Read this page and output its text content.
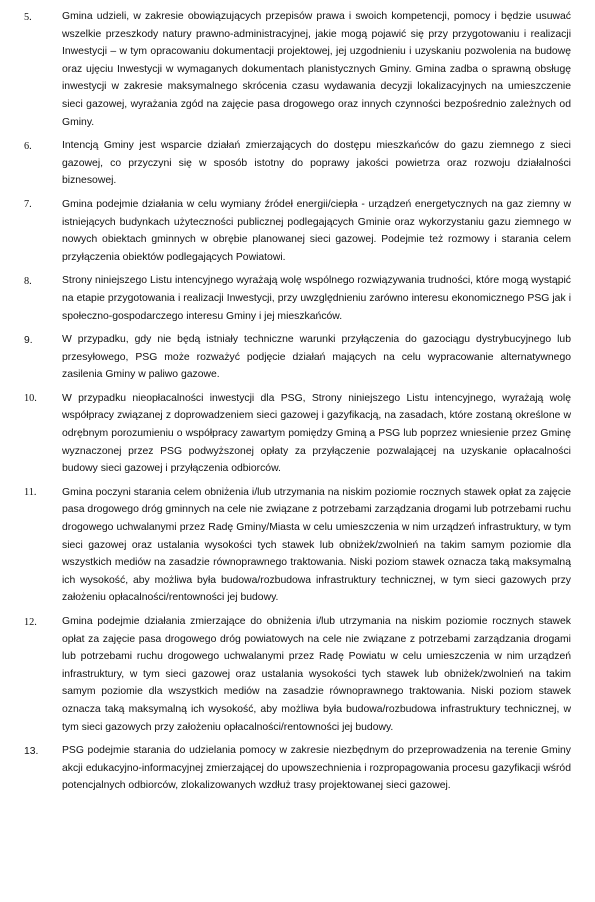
5.	Gmina udzieli, w zakresie obowiązujących przepisów prawa i swoich kompetencji, pomocy i będzie usuwać wszelkie przeszkody natury prawno-administracyjnej, jakie mogą pojawić się przy przygotowaniu i realizacji Inwestycji – w tym opracowaniu dokumentacji projektowej, jej uzgodnieniu i uzyskaniu pozwolenia na budowę oraz ujęciu Inwestycji w wymaganych dokumentach planistycznych Gminy. Gmina zadba o sprawną obsługę inwestycji w zakresie maksymalnego skrócenia czasu wydawania decyzji lokalizacyjnych na umieszczenie sieci gazowej, wyrażania zgód na zajęcie pasa drogowego oraz innych czynności bezpośrednio zależnych od Gminy.

6.	Intencją Gminy jest wsparcie działań zmierzających do dostępu mieszkańców do gazu ziemnego z sieci gazowej, co przyczyni się w sposób istotny do poprawy jakości powietrza oraz rozwoju działalności biznesowej.

7.	Gmina podejmie działania w celu wymiany źródeł energii/ciepła - urządzeń energetycznych na gaz ziemny w istniejących budynkach użyteczności publicznej podlegających Gminie oraz wykorzystaniu gazu ziemnego w nowych obiektach gminnych w obrębie planowanej sieci gazowej. Podejmie też rozmowy i starania celem przyłączenia obiektów podlegających Powiatowi.

8.	Strony niniejszego Listu intencyjnego wyrażają wolę wspólnego rozwiązywania trudności, które mogą wystąpić na etapie przygotowania i realizacji Inwestycji, przy uwzględnieniu zarówno interesu ekonomicznego PSG jak i społeczno-gospodarczego interesu Gminy i jej mieszkańców.

9.	W przypadku, gdy nie będą istniały techniczne warunki przyłączenia do gazociągu dystrybucyjnego lub przesyłowego, PSG może rozważyć podjęcie działań mających na celu wypracowanie alternatywnego zasilenia Gminy w paliwo gazowe.

10.	W przypadku nieopłacalności inwestycji dla PSG, Strony niniejszego Listu intencyjnego, wyrażają wolę współpracy związanej z doprowadzeniem sieci gazowej i gazyfikacją, na zasadach, które zostaną określone w odrębnym porozumieniu o współpracy zawartym pomiędzy Gminą a PSG lub poprzez wniesienie przez Gminę wyznaczonej przez PSG podwyższonej opłaty za przyłączenie pozwalającej na uzyskanie opłacalności budowy sieci gazowej i przyłączenia odbiorców.

11.	Gmina poczyni starania celem obniżenia i/lub utrzymania na niskim poziomie rocznych stawek opłat za zajęcie pasa drogowego dróg gminnych na cele nie związane z potrzebami zarządzania drogami lub potrzebami ruchu drogowego uchwalanymi przez Radę Gminy/Miasta w celu umieszczenia w nim urządzeń infrastruktury, w tym sieci gazowej oraz ustalania wysokości tych stawek lub obniżek/zwolnień na takim samym poziomie dla wszystkich mediów na zasadzie równoprawnego traktowania. Niski poziom stawek oznacza taką maksymalną ich wysokość, aby możliwa była budowa/rozbudowa infrastruktury technicznej, w tym sieci gazowych przy założeniu opłacalności/rentowności jej budowy.

12.	Gmina podejmie działania zmierzające do obniżenia i/lub utrzymania na niskim poziomie rocznych stawek opłat za zajęcie pasa drogowego dróg powiatowych na cele nie związane z potrzebami zarządzania drogami lub potrzebami ruchu drogowego uchwalanymi przez Radę Powiatu w celu umieszczenia w nim urządzeń infrastruktury, w tym sieci gazowej oraz ustalania wysokości tych stawek lub obniżek/zwolnień na takim samym poziomie dla wszystkich mediów na zasadzie równoprawnego traktowania. Niski poziom stawek oznacza taką maksymalną ich wysokość, aby możliwa była budowa/rozbudowa infrastruktury technicznej, w tym sieci gazowych przy założeniu opłacalności/rentowności jej budowy.

13.	PSG podejmie starania do udzielania pomocy w zakresie niezbędnym do przeprowadzenia na terenie Gminy akcji edukacyjno-informacyjnej zmierzającej do upowszechnienia i rozpropagowania procesu gazyfikacji wśród potencjalnych odbiorców, zlokalizowanych wzdłuż trasy projektowanej sieci gazowej.
